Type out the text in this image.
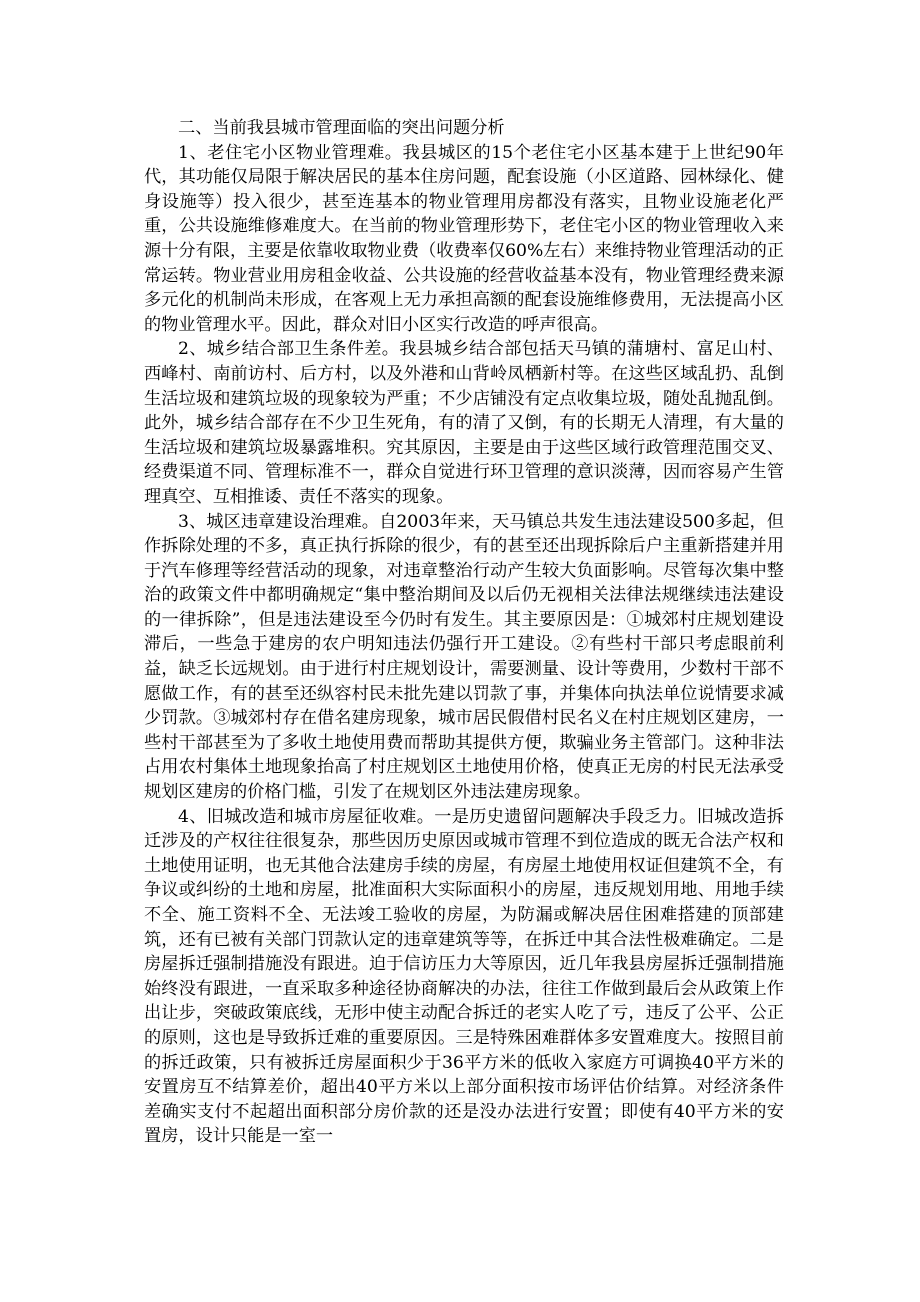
二、当前我县城市管理面临的突出问题分析

1、老住宅小区物业管理难。我县城区的15个老住宅小区基本建于上世纪90年代，其功能仅局限于解决居民的基本住房问题，配套设施（小区道路、园林绿化、健身设施等）投入很少，甚至连基本的物业管理用房都没有落实，且物业设施老化严重，公共设施维修难度大。在当前的物业管理形势下，老住宅小区的物业管理收入来源十分有限，主要是依靠收取物业费（收费率仅60%左右）来维持物业管理活动的正常运转。物业营业用房租金收益、公共设施的经营收益基本没有，物业管理经费来源多元化的机制尚未形成，在客观上无力承担高额的配套设施维修费用，无法提高小区的物业管理水平。因此，群众对旧小区实行改造的呼声很高。

2、城乡结合部卫生条件差。我县城乡结合部包括天马镇的蒲塘村、富足山村、西峰村、南前访村、后方村，以及外港和山背岭凤栖新村等。在这些区域乱扔、乱倒生活垃圾和建筑垃圾的现象较为严重；不少店铺没有定点收集垃圾，随处乱抛乱倒。此外，城乡结合部存在不少卫生死角，有的清了又倒，有的长期无人清理，有大量的生活垃圾和建筑垃圾暴露堆积。究其原因，主要是由于这些区域行政管理范围交叉、经费渠道不同、管理标准不一，群众自觉进行环卫管理的意识淡薄，因而容易产生管理真空、互相推诿、责任不落实的现象。

3、城区违章建设治理难。自2003年来，天马镇总共发生违法建设500多起，但作拆除处理的不多，真正执行拆除的很少，有的甚至还出现拆除后户主重新搭建并用于汽车修理等经营活动的现象，对违章整治行动产生较大负面影响。尽管每次集中整治的政策文件中都明确规定“集中整治期间及以后仍无视相关法律法规继续违法建设的一律拆除”，但是违法建设至今仍时有发生。其主要原因是：①城郊村庄规划建设滞后，一些急于建房的农户明知违法仍强行开工建设。②有些村干部只考虑眼前利益，缺乏长远规划。由于进行村庄规划设计，需要测量、设计等费用，少数村干部不愿做工作，有的甚至还纵容村民未批先建以罚款了事，并集体向执法单位说情要求减少罚款。③城郊村存在借名建房现象，城市居民假借村民名义在村庄规划区建房，一些村干部甚至为了多收土地使用费而帮助其提供方便，欺骗业务主管部门。这种非法占用农村集体土地现象抬高了村庄规划区土地使用价格，使真正无房的村民无法承受规划区建房的价格门槛，引发了在规划区外违法建房现象。

4、旧城改造和城市房屋征收难。一是历史遗留问题解决手段乏力。旧城改造拆迁涉及的产权往往很复杂，那些因历史原因或城市管理不到位造成的既无合法产权和土地使用证明，也无其他合法建房手续的房屋，有房屋土地使用权证但建筑不全，有争议或纠纷的土地和房屋，批准面积大实际面积小的房屋，违反规划用地、用地手续不全、施工资料不全、无法竣工验收的房屋，为防漏或解决居住困难搭建的顶部建筑，还有已被有关部门罚款认定的违章建筑等等，在拆迁中其合法性极难确定。二是房屋拆迁强制措施没有跟进。迫于信访压力大等原因，近几年我县房屋拆迁强制措施始终没有跟进，一直采取多种途径协商解决的办法，往往工作做到最后会从政策上作出让步，突破政策底线，无形中使主动配合拆迁的老实人吃了亏，违反了公平、公正的原则，这也是导致拆迁难的重要原因。三是特殊困难群体多安置难度大。按照目前的拆迁政策，只有被拆迁房屋面积少于36平方米的低收入家庭方可调换40平方米的安置房互不结算差价，超出40平方米以上部分面积按市场评估价结算。对经济条件差确实支付不起超出面积部分房价款的还是没办法进行安置；即使有40平方米的安置房，设计只能是一室一
